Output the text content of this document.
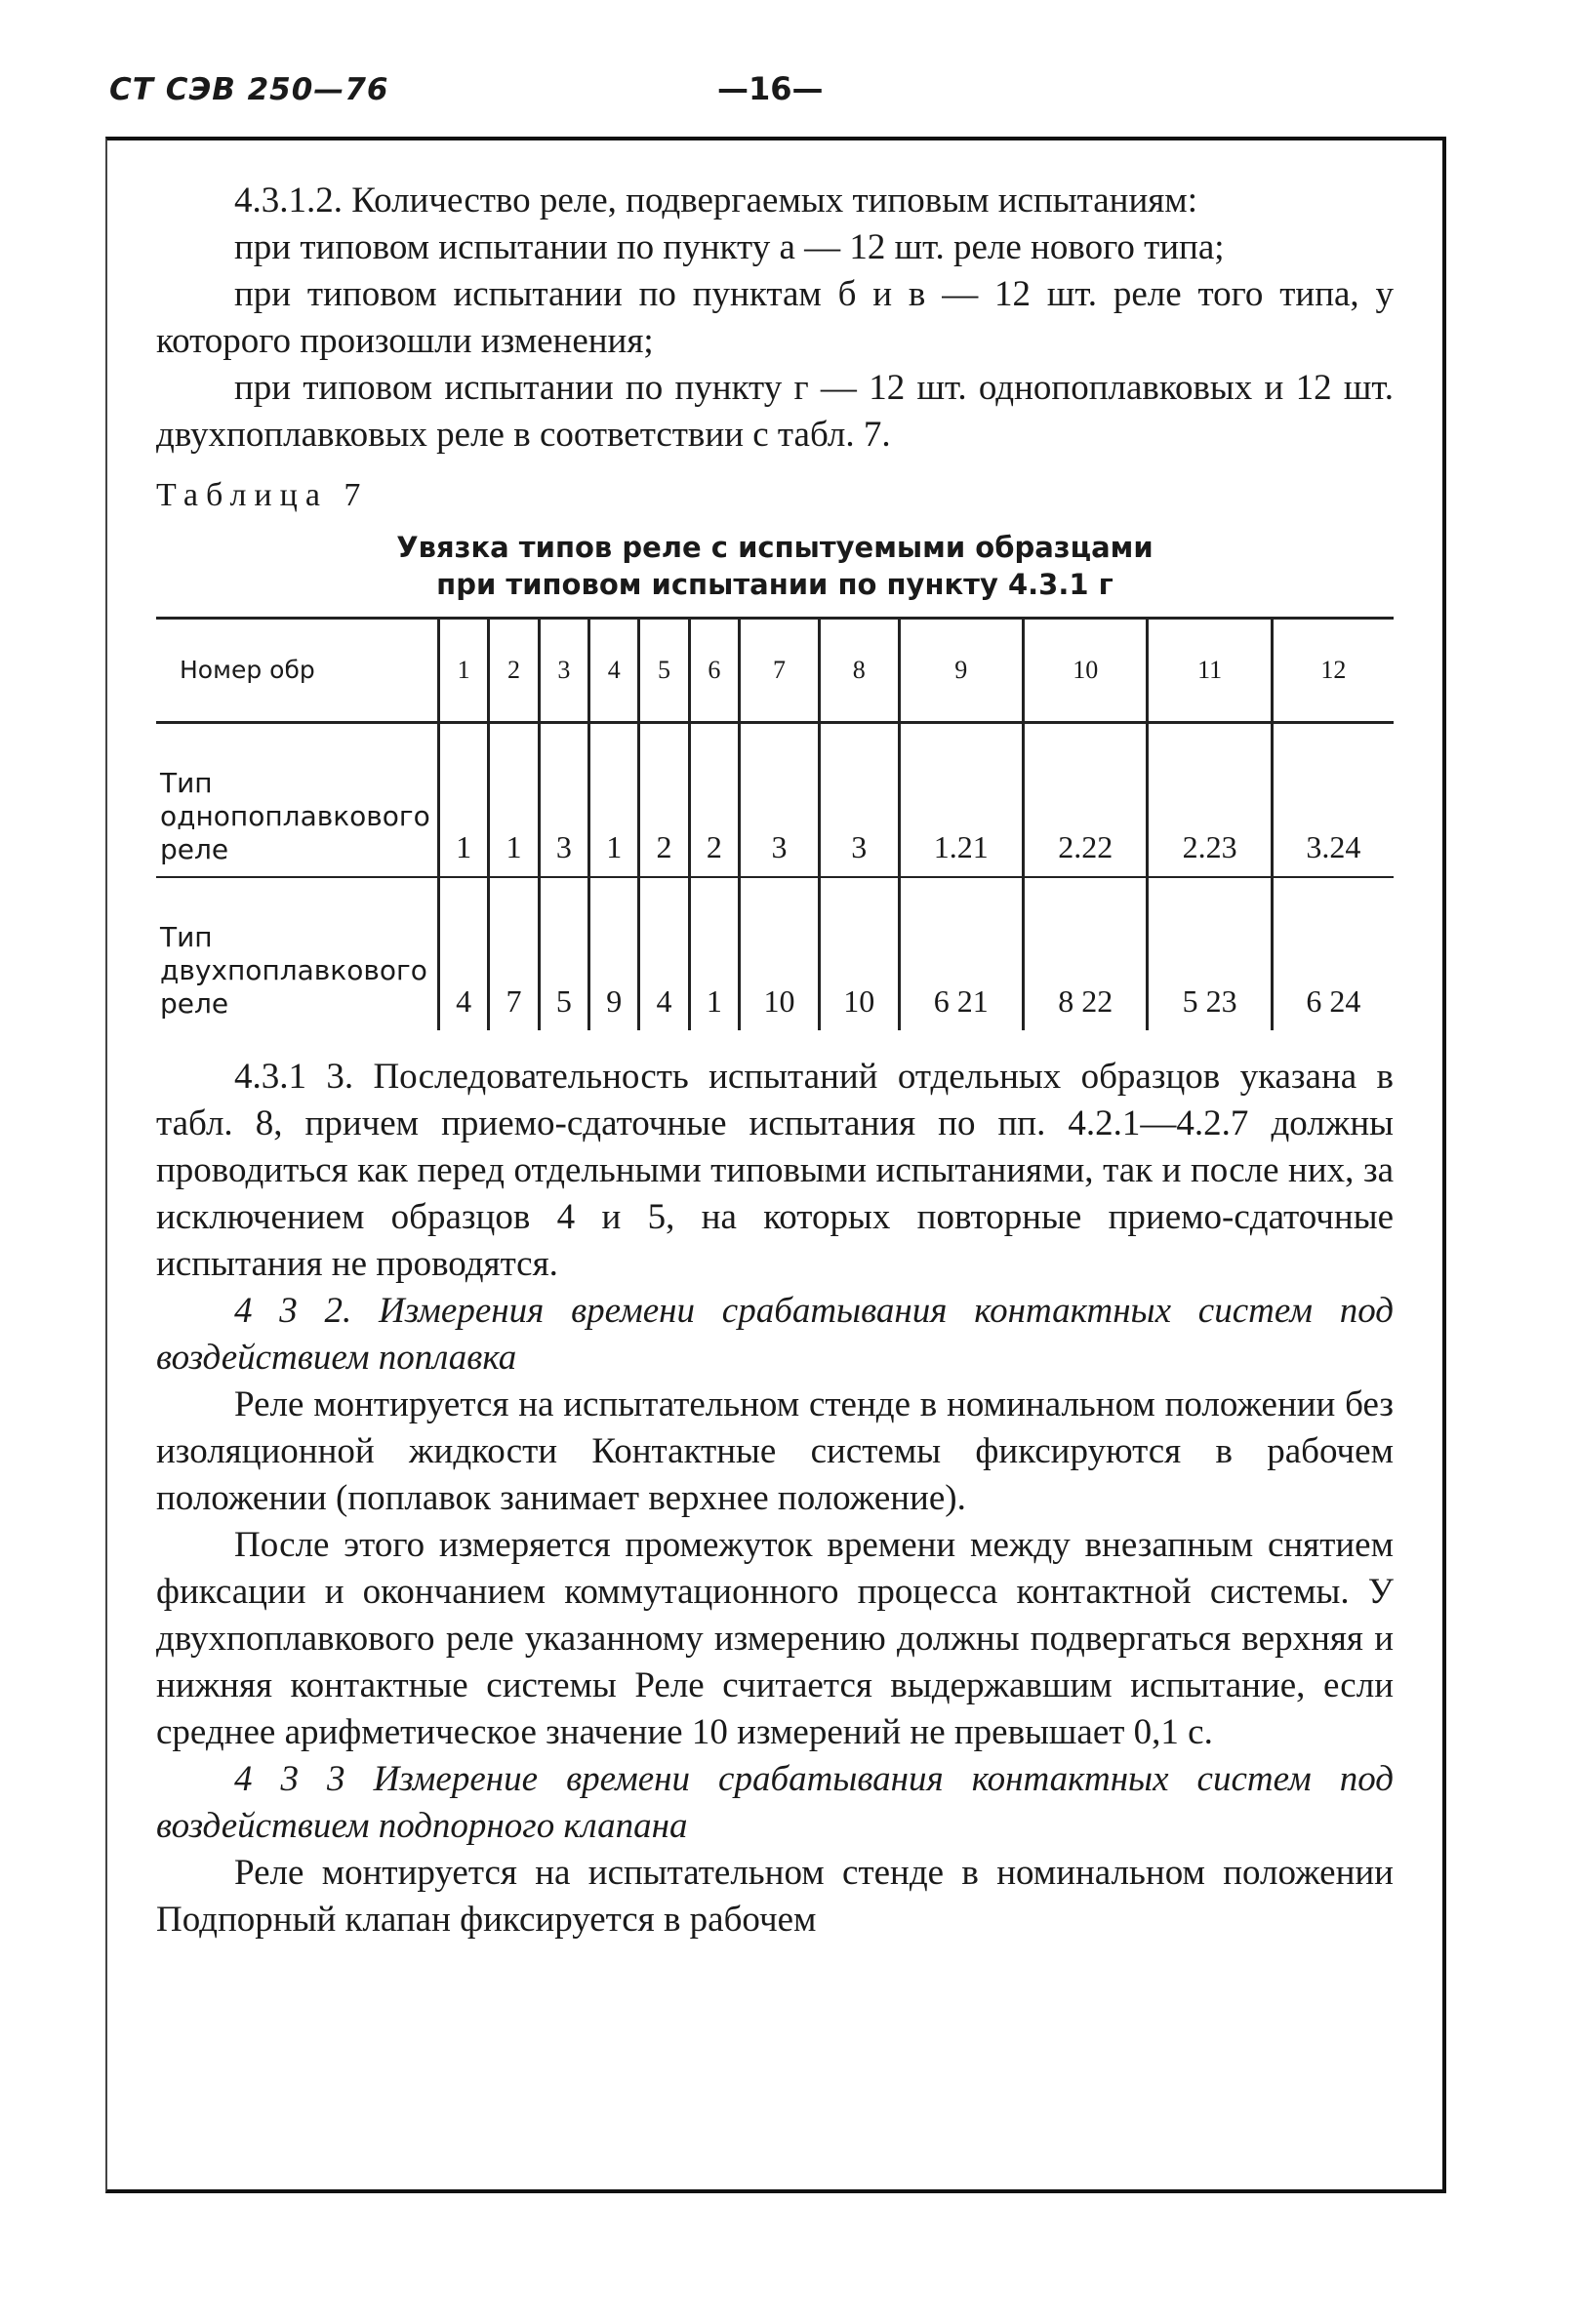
СТ СЭВ 250—76	—16—

4.3.1.2. Количество реле, подвергаемых типовым испытаниям:

при типовом испытании по пункту а — 12 шт. реле нового типа;

при типовом испытании по пунктам б и в — 12 шт. реле того типа, у которого произошли изменения;

при типовом испытании по пункту г — 12 шт. однопоплавковых и 12 шт. двухпоплавковых реле в соответствии с табл. 7.

Таблица 7

Увязка типов реле с испытуемыми образцами

при типовом испытании по пункту 4.3.1 г

Номер обр	1	2	3	4	5	6	7	8	9	10	11	12
Тип однопоплавкового реле	1	1	3	1	2	2	3	3	1.21	2.22	2.23	3.24
Тип двухпоплавкового реле	4	7	5	9	4	1	10	10	6 21	8 22	5 23	6 24

4.3.1 3. Последовательность испытаний отдельных образцов указана в табл. 8, причем приемо-сдаточные испытания по пп. 4.2.1—4.2.7 должны проводиться как перед отдельными типовыми испытаниями, так и после них, за исключением образцов 4 и 5, на которых повторные приемо-сдаточные испытания не проводятся.

4 3 2. Измерения времени срабатывания контактных систем под воздействием поплавка

Реле монтируется на испытательном стенде в номинальном положении без изоляционной жидкости Контактные системы фиксируются в рабочем положении (поплавок занимает верхнее положение).

После этого измеряется промежуток времени между внезапным снятием фиксации и окончанием коммутационного процесса контактной системы. У двухпоплавкового реле указанному измерению должны подвергаться верхняя и нижняя контактные системы Реле считается выдержавшим испытание, если среднее арифметическое значение 10 измерений не превышает 0,1 с.

4 3 3 Измерение времени срабатывания контактных систем под воздействием подпорного клапана

Реле монтируется на испытательном стенде в номинальном положении Подпорный клапан фиксируется в рабочем
